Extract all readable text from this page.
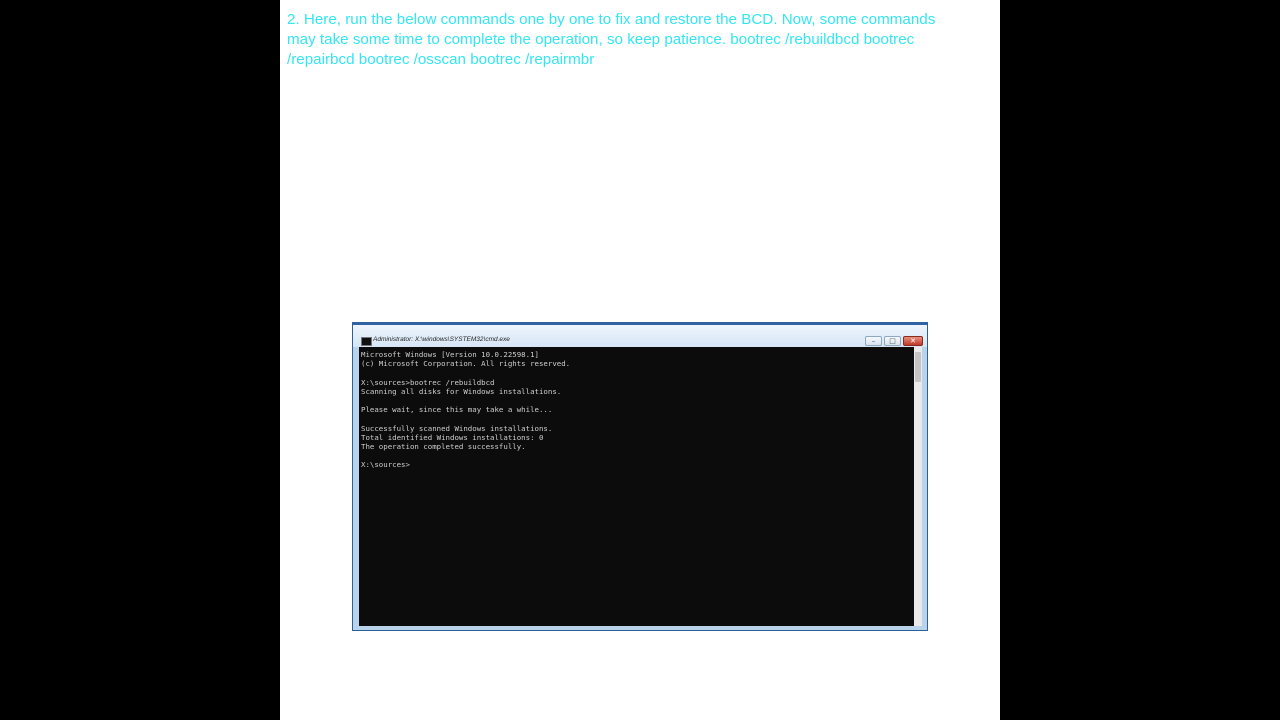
2. Here, run the below commands one by one to fix and restore the BCD. Now, some commands may take some time to complete the operation, so keep patience. bootrec /rebuildbcd bootrec /repairbcd bootrec /osscan bootrec /repairmbr

Administrator: X:\windows\SYSTEM32\cmd.exe	–	□	✕
Microsoft Windows [Version 10.0.22598.1]
(c) Microsoft Corporation. All rights reserved.

X:\sources>bootrec /rebuildbcd
Scanning all disks for Windows installations.

Please wait, since this may take a while...

Successfully scanned Windows installations.
Total identified Windows installations: 0
The operation completed successfully.

X:\sources>
